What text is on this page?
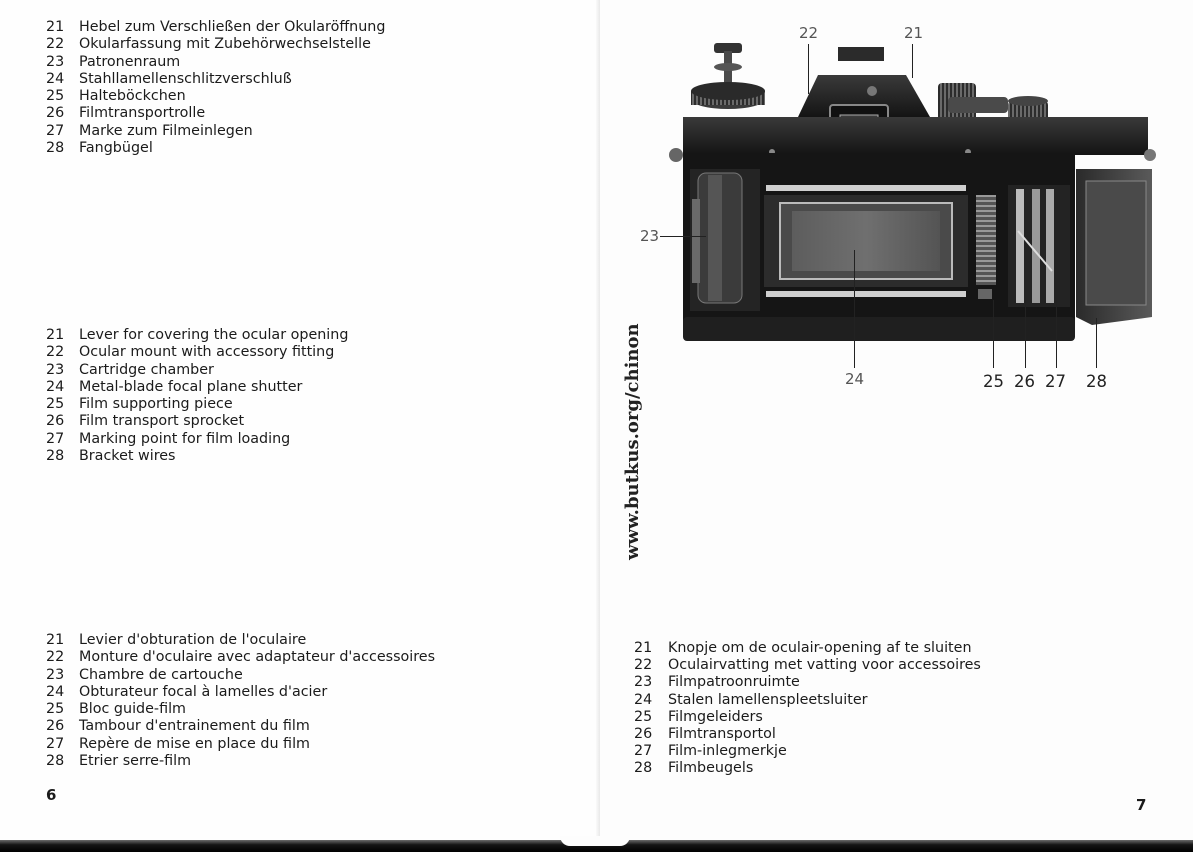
21	Hebel zum Verschließen der Okularöffnung
22	Okularfassung mit Zubehörwechselstelle
23	Patronenraum
24	Stahllamellenschlitzverschluß
25	Halteböckchen
26	Filmtransportrolle
27	Marke zum Filmeinlegen
28	Fangbügel
21	Lever for covering the ocular opening
22	Ocular mount with accessory fitting
23	Cartridge chamber
24	Metal-blade focal plane shutter
25	Film supporting piece
26	Film transport sprocket
27	Marking point for film loading
28	Bracket wires
21	Levier d'obturation de l'oculaire
22	Monture d'oculaire avec adaptateur d'accessoires
23	Chambre de cartouche
24	Obturateur focal à lamelles d'acier
25	Bloc guide-film
26	Tambour d'entrainement du film
27	Repère de mise en place du film
28	Etrier serre-film
6
www.butkus.org/chinon
22	21
23
24	25 26 27 28
21	Knopje om de oculair-opening af te sluiten
22	Oculairvatting met vatting voor accessoires
23	Filmpatroonruimte
24	Stalen lamellenspleetsluiter
25	Filmgeleiders
26	Filmtransportol
27	Film-inlegmerkje
28	Filmbeugels
7
